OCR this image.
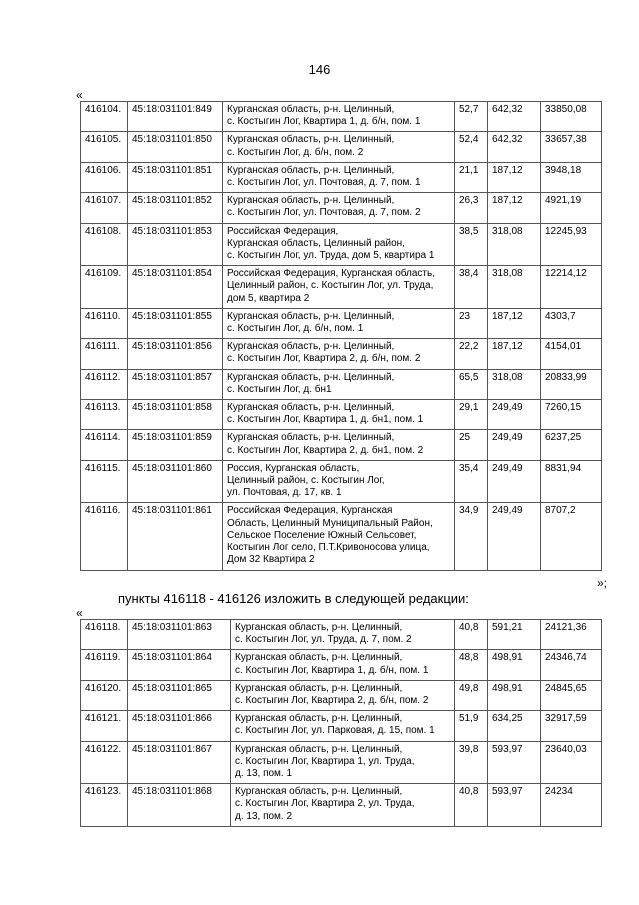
146
«
416104.	45:18:031101:849	Курганская область, р-н. Целинный,
с. Костыгин Лог, Квартира 1, д. б/н, пом. 1	52,7	642,32	33850,08
416105.	45:18:031101:850	Курганская область, р-н. Целинный,
с. Костыгин Лог, д. б/н, пом. 2	52,4	642,32	33657,38
416106.	45:18:031101:851	Курганская область, р-н. Целинный,
с. Костыгин Лог, ул. Почтовая, д. 7, пом. 1	21,1	187,12	3948,18
416107.	45:18:031101:852	Курганская область, р-н. Целинный,
с. Костыгин Лог, ул. Почтовая, д. 7, пом. 2	26,3	187,12	4921,19
416108.	45:18:031101:853	Российская Федерация,
Курганская область, Целинный район,
с. Костыгин Лог, ул. Труда, дом 5, квартира 1	38,5	318,08	12245,93
416109.	45:18:031101:854	Российская Федерация, Курганская область,
Целинный район, с. Костыгин Лог, ул. Труда,
дом 5, квартира 2	38,4	318,08	12214,12
416110.	45:18:031101:855	Курганская область, р-н. Целинный,
с. Костыгин Лог, д. б/н, пом. 1	23	187,12	4303,7
416111.	45:18:031101:856	Курганская область, р-н. Целинный,
с. Костыгин Лог, Квартира 2, д. б/н, пом. 2	22,2	187,12	4154,01
416112.	45:18:031101:857	Курганская область, р-н. Целинный,
с. Костыгин Лог, д. бн1	65,5	318,08	20833,99
416113.	45:18:031101:858	Курганская область, р-н. Целинный,
с. Костыгин Лог, Квартира 1, д. бн1, пом. 1	29,1	249,49	7260,15
416114.	45:18:031101:859	Курганская область, р-н. Целинный,
с. Костыгин Лог, Квартира 2, д. бн1, пом. 2	25	249,49	6237,25
416115.	45:18:031101:860	Россия, Курганская область,
Целинный район, с. Костыгин Лог,
ул. Почтовая, д. 17, кв. 1	35,4	249,49	8831,94
416116.	45:18:031101:861	Российская Федерация, Курганская
Область, Целинный Муниципальный Район,
Сельское Поселение Южный Сельсовет,
Костыгин Лог село, П.Т.Кривоносова улица,
Дом 32 Квартира 2	34,9	249,49	8707,2
»;
пункты 416118 - 416126 изложить в следующей редакции:
«
416118.	45:18:031101:863	Курганская область, р-н. Целинный,
с. Костыгин Лог, ул. Труда, д. 7, пом. 2	40,8	591,21	24121,36
416119.	45:18:031101:864	Курганская область, р-н. Целинный,
с. Костыгин Лог, Квартира 1, д. б/н, пом. 1	48,8	498,91	24346,74
416120.	45:18:031101:865	Курганская область, р-н. Целинный,
с. Костыгин Лог, Квартира 2, д. б/н, пом. 2	49,8	498,91	24845,65
416121.	45:18:031101:866	Курганская область, р-н. Целинный,
с. Костыгин Лог, ул. Парковая, д. 15, пом. 1	51,9	634,25	32917,59
416122.	45:18:031101:867	Курганская область, р-н. Целинный,
с. Костыгин Лог, Квартира 1, ул. Труда,
д. 13, пом. 1	39,8	593,97	23640,03
416123.	45:18:031101:868	Курганская область, р-н. Целинный,
с. Костыгин Лог, Квартира 2, ул. Труда,
д. 13, пом. 2	40,8	593,97	24234
